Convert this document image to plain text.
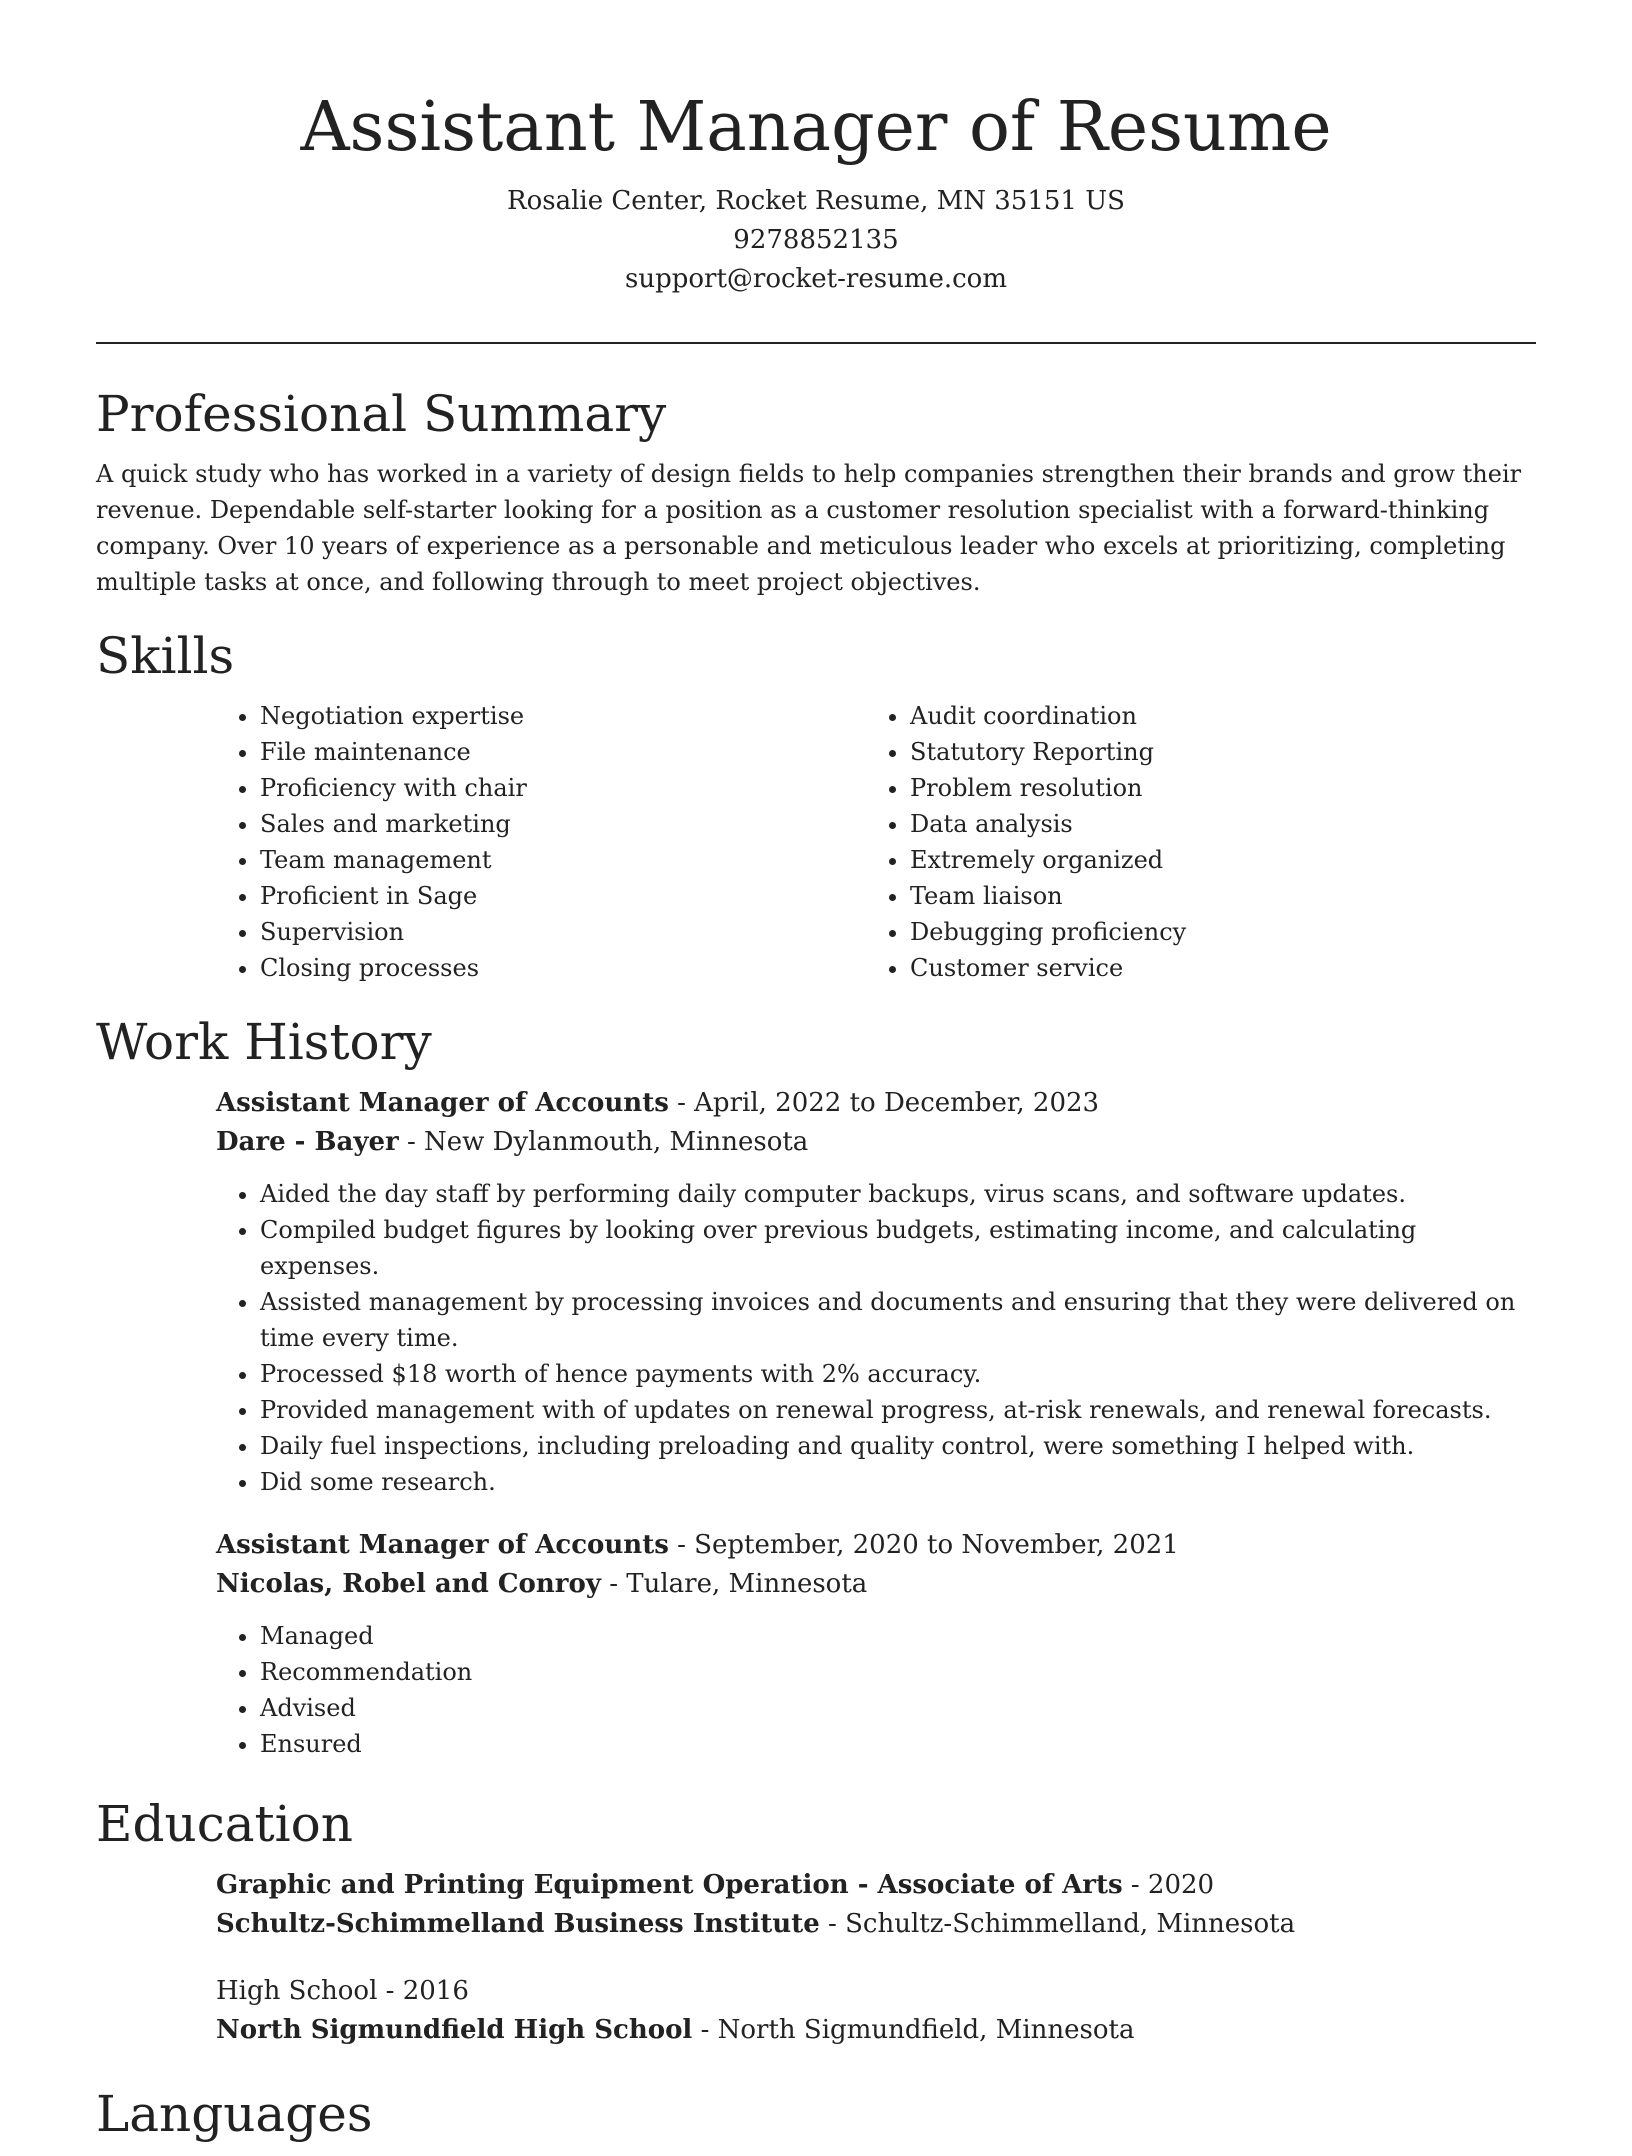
Assistant Manager of Resume
Rosalie Center, Rocket Resume, MN 35151 US
9278852135
support@rocket-resume.com
Professional Summary

A quick study who has worked in a variety of design fields to help companies strengthen their brands and grow their revenue. Dependable self-starter looking for a position as a customer resolution specialist with a forward-thinking company. Over 10 years of experience as a personable and meticulous leader who excels at prioritizing, completing multiple tasks at once, and following through to meet project objectives.

Skills
• Negotiation expertise
• File maintenance
• Proficiency with chair
• Sales and marketing
• Team management
• Proficient in Sage
• Supervision
• Closing processes
• Audit coordination
• Statutory Reporting
• Problem resolution
• Data analysis
• Extremely organized
• Team liaison
• Debugging proficiency
• Customer service
Work History
Assistant Manager of Accounts - April, 2022 to December, 2023
Dare - Bayer - New Dylanmouth, Minnesota
• Aided the day staff by performing daily computer backups, virus scans, and software updates.
• Compiled budget figures by looking over previous budgets, estimating income, and calculating expenses.
• Assisted management by processing invoices and documents and ensuring that they were delivered on time every time.
• Processed $18 worth of hence payments with 2% accuracy.
• Provided management with of updates on renewal progress, at-risk renewals, and renewal forecasts.
• Daily fuel inspections, including preloading and quality control, were something I helped with.
• Did some research.
Assistant Manager of Accounts - September, 2020 to November, 2021
Nicolas, Robel and Conroy - Tulare, Minnesota
• Managed
• Recommendation
• Advised
• Ensured
Education
Graphic and Printing Equipment Operation - Associate of Arts - 2020
Schultz-Schimmelland Business Institute - Schultz-Schimmelland, Minnesota
High School - 2016
North Sigmundfield High School - North Sigmundfield, Minnesota
Languages
